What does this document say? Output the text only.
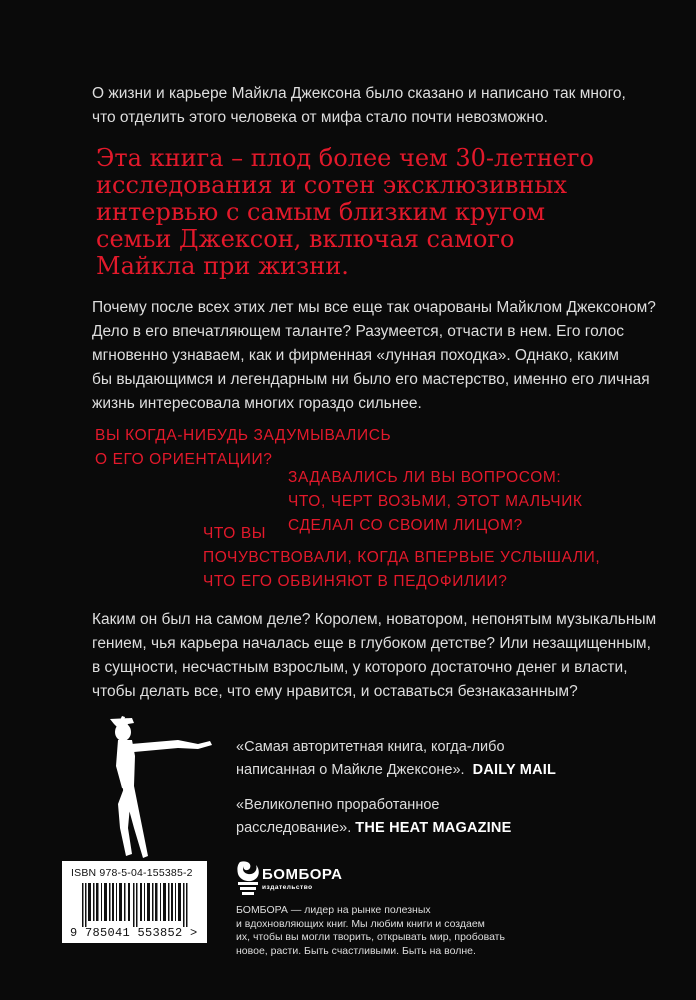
О жизни и карьере Майкла Джексона было сказано и написано так много,
что отделить этого человека от мифа стало почти невозможно.
Эта книга – плод более чем 30-летнего
исследования и сотен эксклюзивных
интервью с самым близким кругом
семьи Джексон, включая самого
Майкла при жизни.
Почему после всех этих лет мы все еще так очарованы Майклом Джексоном?
Дело в его впечатляющем таланте? Разумеется, отчасти в нем. Его голос
мгновенно узнаваем, как и фирменная «лунная походка». Однако, каким
бы выдающимся и легендарным ни было его мастерство, именно его личная
жизнь интересовала многих гораздо сильнее.
ВЫ КОГДА-НИБУДЬ ЗАДУМЫВАЛИСЬ
О ЕГО ОРИЕНТАЦИИ?
ЗАДАВАЛИСЬ ЛИ ВЫ ВОПРОСОМ:
ЧТО, ЧЕРТ ВОЗЬМИ, ЭТОТ МАЛЬЧИК
СДЕЛАЛ СО СВОИМ ЛИЦОМ?
ЧТО ВЫ
ПОЧУВСТВОВАЛИ, КОГДА ВПЕРВЫЕ УСЛЫШАЛИ,
ЧТО ЕГО ОБВИНЯЮТ В ПЕДОФИЛИИ?
Каким он был на самом деле? Королем, новатором, непонятым музыкальным
гением, чья карьера началась еще в глубоком детстве? Или незащищенным,
в сущности, несчастным взрослым, у которого достаточно денег и власти,
чтобы делать все, что ему нравится, и оставаться безнаказанным?
«Самая авторитетная книга, когда-либо
написанная о Майкле Джексоне». DAILY MAIL
«Великолепно проработанное
расследование». THE HEAT MAGAZINE
ISBN 978-5-04-155385-2
9 785041 553852 >
БОМБОРА
издательство
БОМБОРА — лидер на рынке полезных
и вдохновляющих книг. Мы любим книги и создаем
их, чтобы вы могли творить, открывать мир, пробовать
новое, расти. Быть счастливыми. Быть на волне.
